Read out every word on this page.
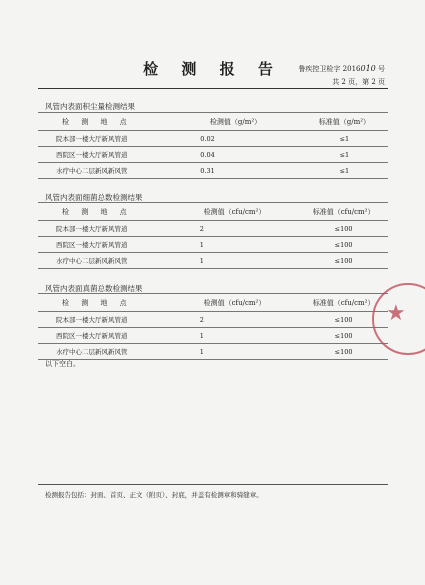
检 测 报 告	鲁疾控卫检字 2016010 号
共 2 页，第 2 页
风管内表面积尘量检测结果
检 测 地 点	检测值（g/m²）	标准值（g/m²）
院本部一楼大厅新风管道	0.02	≤1
西院区一楼大厅新风管道	0.04	≤1
水疗中心二层新风新风管	0.31	≤1
风管内表面细菌总数检测结果
检 测 地 点	检测值（cfu/cm²）	标准值（cfu/cm²）
院本部一楼大厅新风管道	2	≤100
西院区一楼大厅新风管道	1	≤100
水疗中心二层新风新风管	1	≤100
风管内表面真菌总数检测结果
检 测 地 点	检测值（cfu/cm²）	标准值（cfu/cm²）
院本部一楼大厅新风管道	2	≤100
西院区一楼大厅新风管道	1	≤100
水疗中心二层新风新风管	1	≤100
以下空白。
★
检测报告包括：封面、首页、正文（附页）、封底，并盖有检测章和骑缝章。
